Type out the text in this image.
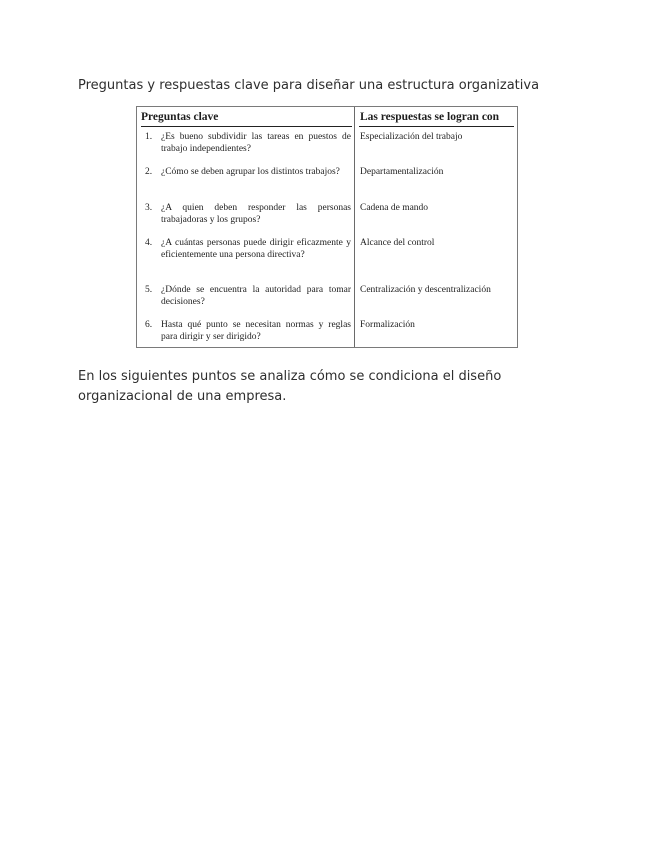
Preguntas y respuestas clave para diseñar una estructura organizativa
Preguntas clave	Las respuestas se logran con
1. ¿Es bueno subdividir las tareas en puestos de trabajo independientes?
Especialización del trabajo
2. ¿Cómo se deben agrupar los distintos trabajos?	Departamentalización
3. ¿A quien deben responder las personas trabajadoras y los grupos?
Cadena de mando
4. ¿A cuántas personas puede dirigir eficazmente y eficientemente una persona directiva?
Alcance del control
5. ¿Dónde se encuentra la autoridad para tomar decisiones?
Centralización y descentralización
6. Hasta qué punto se necesitan normas y reglas para dirigir y ser dirigido?
Formalización
En los siguientes puntos se analiza cómo se condiciona el diseño organizacional de una empresa.
